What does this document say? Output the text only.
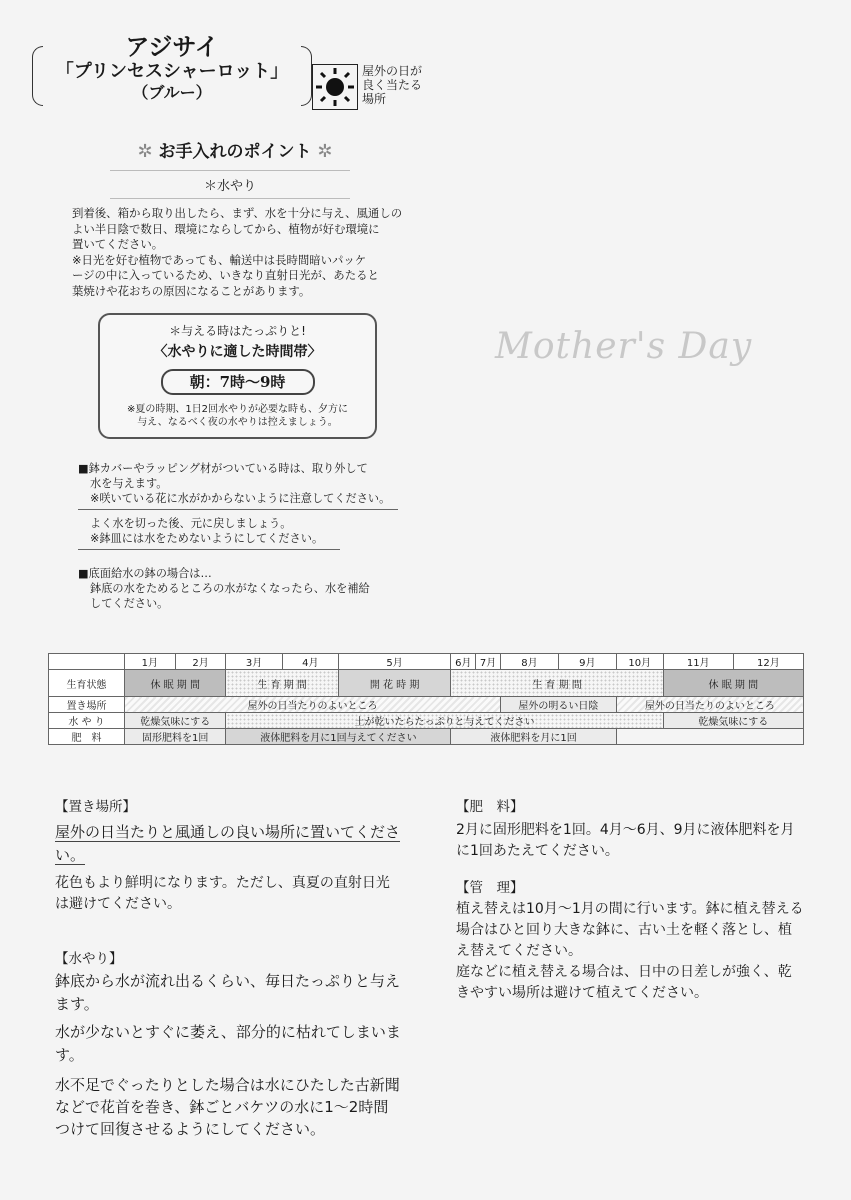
アジサイ
「プリンセスシャーロット」
（ブルー）
屋外の日が
良く当たる
場所
✲ お手入れのポイント ✲
＊水やり
到着後、箱から取り出したら、まず、水を十分に与え、風通しの
よい半日陰で数日、環境にならしてから、植物が好む環境に
置いてください。
※日光を好む植物であっても、輸送中は長時間暗いパッケ
ージの中に入っているため、いきなり直射日光が、あたると
葉焼けや花おちの原因になることがあります。
＊与える時はたっぷりと!
〈水やりに適した時間帯〉
朝：7時〜9時
※夏の時期、1日2回水やりが必要な時も、夕方に
与え、なるべく夜の水やりは控えましょう。
Mother's Day
■鉢カバーやラッピング材がついている時は、取り外して
水を与えます。
※咲いている花に水がかからないように注意してください。
よく水を切った後、元に戻しましょう。
※鉢皿には水をためないようにしてください。
■底面給水の鉢の場合は…
鉢底の水をためるところの水がなくなったら、水を補給
してください。
	1月	2月	3月	4月	5月	6月	7月	8月	9月	10月	11月	12月
生育状態	休 眠 期 間		生 育 期 間		開 花 時 期	生 育 期 間					休 眠 期 間	
置き場所	屋外の日当たりのよいところ							屋外の明るい日陰		屋外の日当たりのよいところ		
水 や り	乾燥気味にする		土が乾いたらたっぷりと与えてください								乾燥気味にする	
肥　料	固形肥料を1回		液体肥料を月に1回与えてください			液体肥料を月に1回						
【置き場所】
屋外の日当たりと風通しの良い場所に置いてください。

花色もより鮮明になります。ただし、真夏の直射日光は避けてください。

【水やり】

鉢底から水が流れ出るくらい、毎日たっぷりと与えます。

水が少ないとすぐに萎え、部分的に枯れてしまいます。

水不足でぐったりとした場合は水にひたした古新聞などで花首を巻き、鉢ごとバケツの水に1〜2時間つけて回復させるようにしてください。

【肥　料】

2月に固形肥料を1回。4月〜6月、9月に液体肥料を月に1回あたえてください。

【管　理】

植え替えは10月〜1月の間に行います。鉢に植え替える場合はひと回り大きな鉢に、古い土を軽く落とし、植え替えてください。

庭などに植え替える場合は、日中の日差しが強く、乾きやすい場所は避けて植えてください。
